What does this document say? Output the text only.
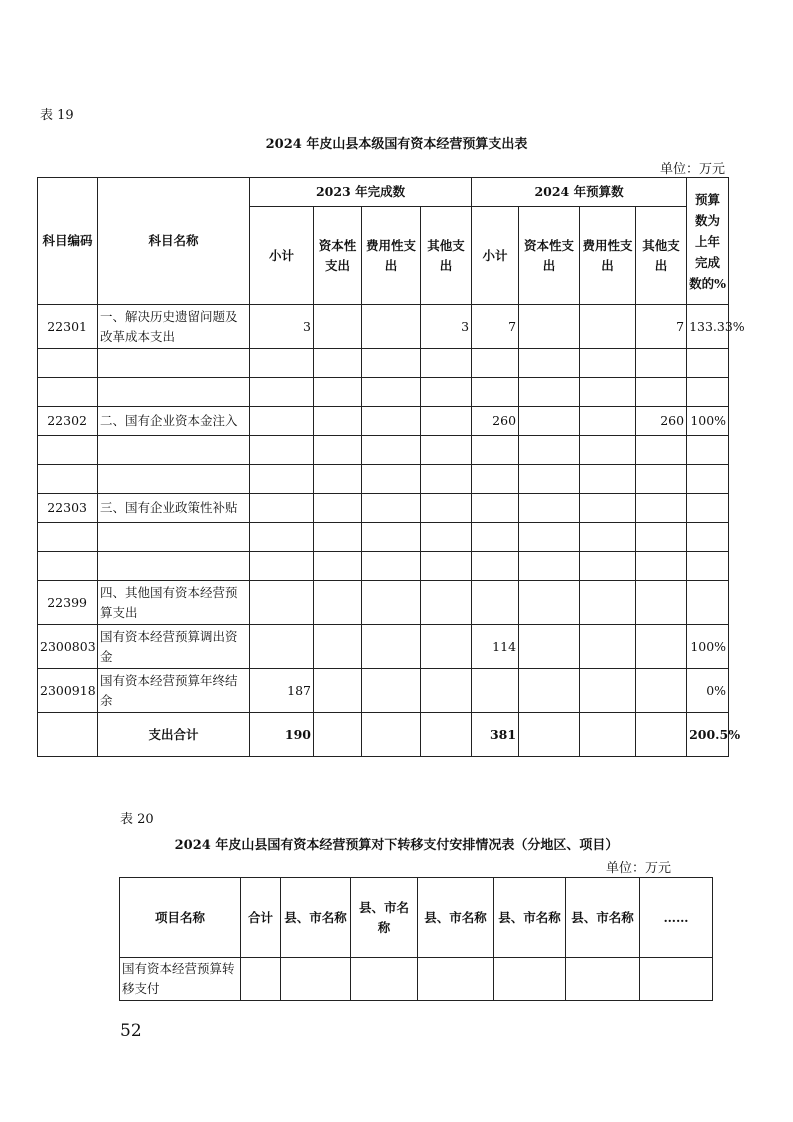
表 19
2024 年皮山县本级国有资本经营预算支出表
单位：万元
科目编码	科目名称	2023 年完成数				2024 年预算数				预算数为上年完成数的%
		小计	资本性支出	费用性支出	其他支出	小计	资本性支出	费用性支出	其他支出	
22301	一、解决历史遗留问题及改革成本支出	3			3	7			7	133.33%

22302	二、国有企业资本金注入					260			260	100%

22303	三、国有企业政策性补贴									

22399	四、其他国有资本经营预算支出									
2300803	国有资本经营预算调出资金					114				100%
2300918	国有资本经营预算年终结余	187								0%
	支出合计	190				381				200.5%
表 20
2024 年皮山县国有资本经营预算对下转移支付安排情况表（分地区、项目）
单位：万元
项目名称	合计	县、市名称	县、市名称	县、市名称	县、市名称	县、市名称	……
国有资本经营预算转移支付							
52
